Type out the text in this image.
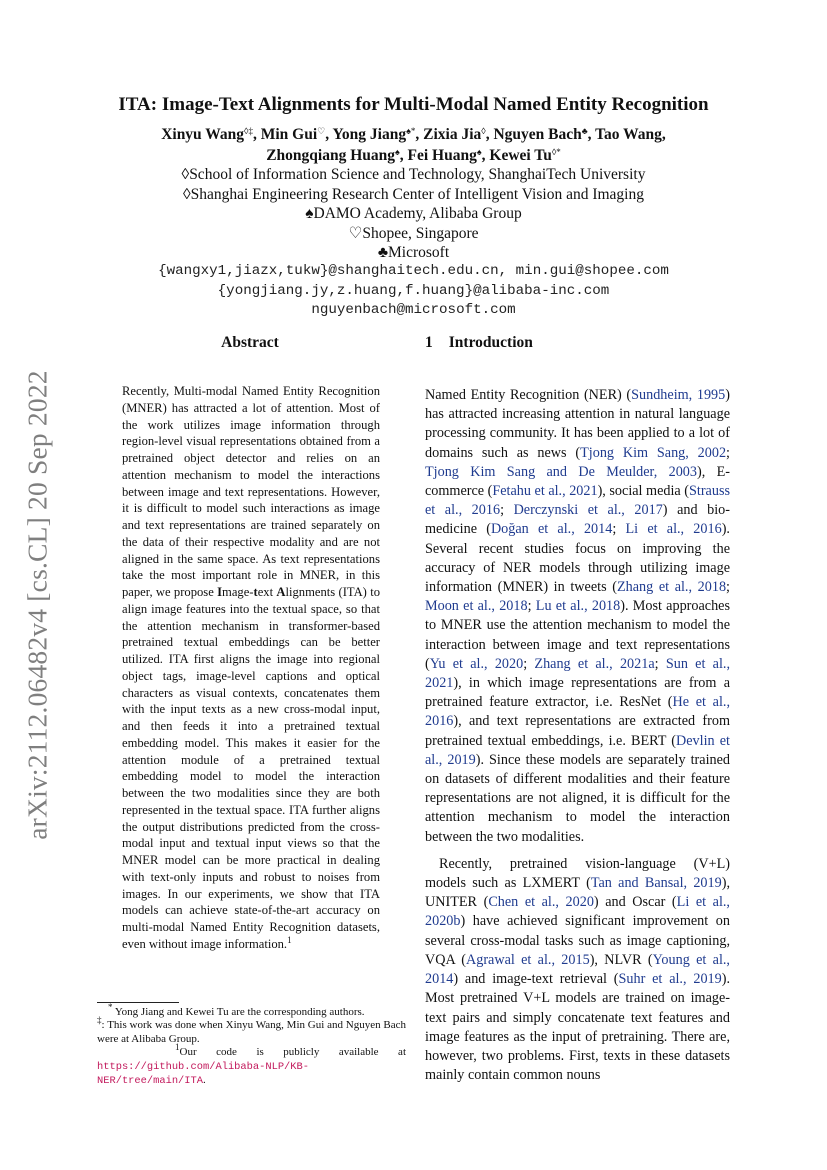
arXiv:2112.06482v4 [cs.CL] 20 Sep 2022
ITA: Image-Text Alignments for Multi-Modal Named Entity Recognition
Xinyu Wang◊‡, Min Gui♡, Yong Jiang♠*, Zixia Jia◊, Nguyen Bach♣, Tao Wang,
Zhongqiang Huang♠, Fei Huang♠, Kewei Tu◊*
◊School of Information Science and Technology, ShanghaiTech University
◊Shanghai Engineering Research Center of Intelligent Vision and Imaging
♠DAMO Academy, Alibaba Group
♡Shopee, Singapore
♣Microsoft
{wangxy1,jiazx,tukw}@shanghaitech.edu.cn, min.gui@shopee.com
{yongjiang.jy,z.huang,f.huang}@alibaba-inc.com
nguyenbach@microsoft.com
Abstract

Recently, Multi-modal Named Entity Recognition (MNER) has attracted a lot of attention. Most of the work utilizes image information through region-level visual representations obtained from a pretrained object detector and relies on an attention mechanism to model the interactions between image and text representations. However, it is difficult to model such interactions as image and text representations are trained separately on the data of their respective modality and are not aligned in the same space. As text representations take the most important role in MNER, in this paper, we propose Image-text Alignments (ITA) to align image features into the textual space, so that the attention mechanism in transformer-based pretrained textual embeddings can be better utilized. ITA first aligns the image into regional object tags, image-level captions and optical characters as visual contexts, concatenates them with the input texts as a new cross-modal input, and then feeds it into a pretrained textual embedding model. This makes it easier for the attention module of a pretrained textual embedding model to model the interaction between the two modalities since they are both represented in the textual space. ITA further aligns the output distributions predicted from the cross-modal input and textual input views so that the MNER model can be more practical in dealing with text-only inputs and robust to noises from images. In our experiments, we show that ITA models can achieve state-of-the-art accuracy on multi-modal Named Entity Recognition datasets, even without image information.$^1$

* Yong Jiang and Kewei Tu are the corresponding authors.

‡: This work was done when Xinyu Wang, Min Gui and Nguyen Bach were at Alibaba Group.

$^1$Our code is publicly available at https://github.com/Alibaba-NLP/KB-NER/tree/main/ITA.

1 Introduction

Named Entity Recognition (NER) (Sundheim, 1995) has attracted increasing attention in natural language processing community. It has been applied to a lot of domains such as news (Tjong Kim Sang, 2002; Tjong Kim Sang and De Meulder, 2003), E-commerce (Fetahu et al., 2021), social media (Strauss et al., 2016; Derczynski et al., 2017) and bio-medicine (Doğan et al., 2014; Li et al., 2016). Several recent studies focus on improving the accuracy of NER models through utilizing image information (MNER) in tweets (Zhang et al., 2018; Moon et al., 2018; Lu et al., 2018). Most approaches to MNER use the attention mechanism to model the interaction between image and text representations (Yu et al., 2020; Zhang et al., 2021a; Sun et al., 2021), in which image representations are from a pretrained feature extractor, i.e. ResNet (He et al., 2016), and text representations are extracted from pretrained textual embeddings, i.e. BERT (Devlin et al., 2019). Since these models are separately trained on datasets of different modalities and their feature representations are not aligned, it is difficult for the attention mechanism to model the interaction between the two modalities.

Recently, pretrained vision-language (V+L) models such as LXMERT (Tan and Bansal, 2019), UNITER (Chen et al., 2020) and Oscar (Li et al., 2020b) have achieved significant improvement on several cross-modal tasks such as image captioning, VQA (Agrawal et al., 2015), NLVR (Young et al., 2014) and image-text retrieval (Suhr et al., 2019). Most pretrained V+L models are trained on image-text pairs and simply concatenate text features and image features as the input of pretraining. There are, however, two problems. First, texts in these datasets mainly contain common nouns
